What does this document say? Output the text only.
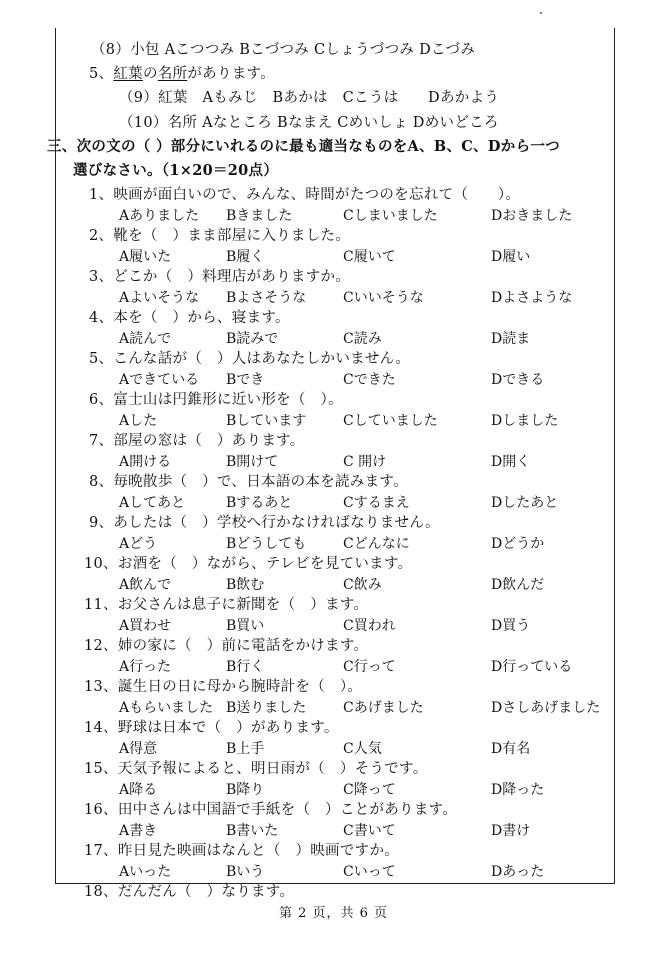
（8）小包 Aこつつみ Bこづつみ Cしょうづつみ Dこづみ
5、紅葉の名所があります。
（9）紅葉　Aもみじ　Bあかは　Cこうは　　Dあかよう
（10）名所 Aなところ Bなまえ Cめいしょ Dめいどころ
三、次の文の（ ）部分にいれるのに最も適当なものをA、B、C、Dから一つ
選びなさい。（1×20＝20点）
1、映画が面白いので、みんな、時間がたつのを忘れて（　　）。
Aありました Bきました	Cしまいました	Dおきました
2、靴を（　）まま部屋に入りました。
A履いた	B履く	C履いて	D履い
3、どこか（　）料理店がありますか。
Aよいそうな Bよさそうな	Cいいそうな	Dよさような
4、本を（　）から、寝ます。
A読んで	B読みで	C読み	D読ま
5、こんな話が（　）人はあなたしかいません。
Aできている Bでき	Cできた	Dできる
6、富士山は円錐形に近い形を（　）。
Aした	Bしています	Cしていました	Dしました
7、部屋の窓は（　）あります。
A開ける	B開けて	C 開け	D開く
8、毎晩散歩（　）で、日本語の本を読みます。
Aしてあと	Bするあと	Cするまえ	Dしたあと
9、あしたは（　）学校へ行かなければなりません。
Aどう	Bどうしても	Cどんなに	Dどうか
10、お酒を（　）ながら、テレビを見ています。
A飲んで	B飲む	C飲み	D飲んだ
11、お父さんは息子に新聞を（　）ます。
A買わせ	B買い	C買われ	D買う
12、姉の家に（　）前に電話をかけます。
A行った	B行く	C行って	D行っている
13、誕生日の日に母から腕時計を（　）。
Aもらいました B送りました	Cあげました	Dさしあげました
14、野球は日本で（　）があります。
A得意	B上手	C人気	D有名
15、天気予報によると、明日雨が（　）そうです。
A降る	B降り	C降って	D降った
16、田中さんは中国語で手紙を（　）ことがあります。
A書き	B書いた	C書いて	D書け
17、昨日見た映画はなんと（　）映画ですか。
Aいった	Bいう	Cいって	Dあった
18、だんだん（　）なります。
第 2 页，共 6 页
